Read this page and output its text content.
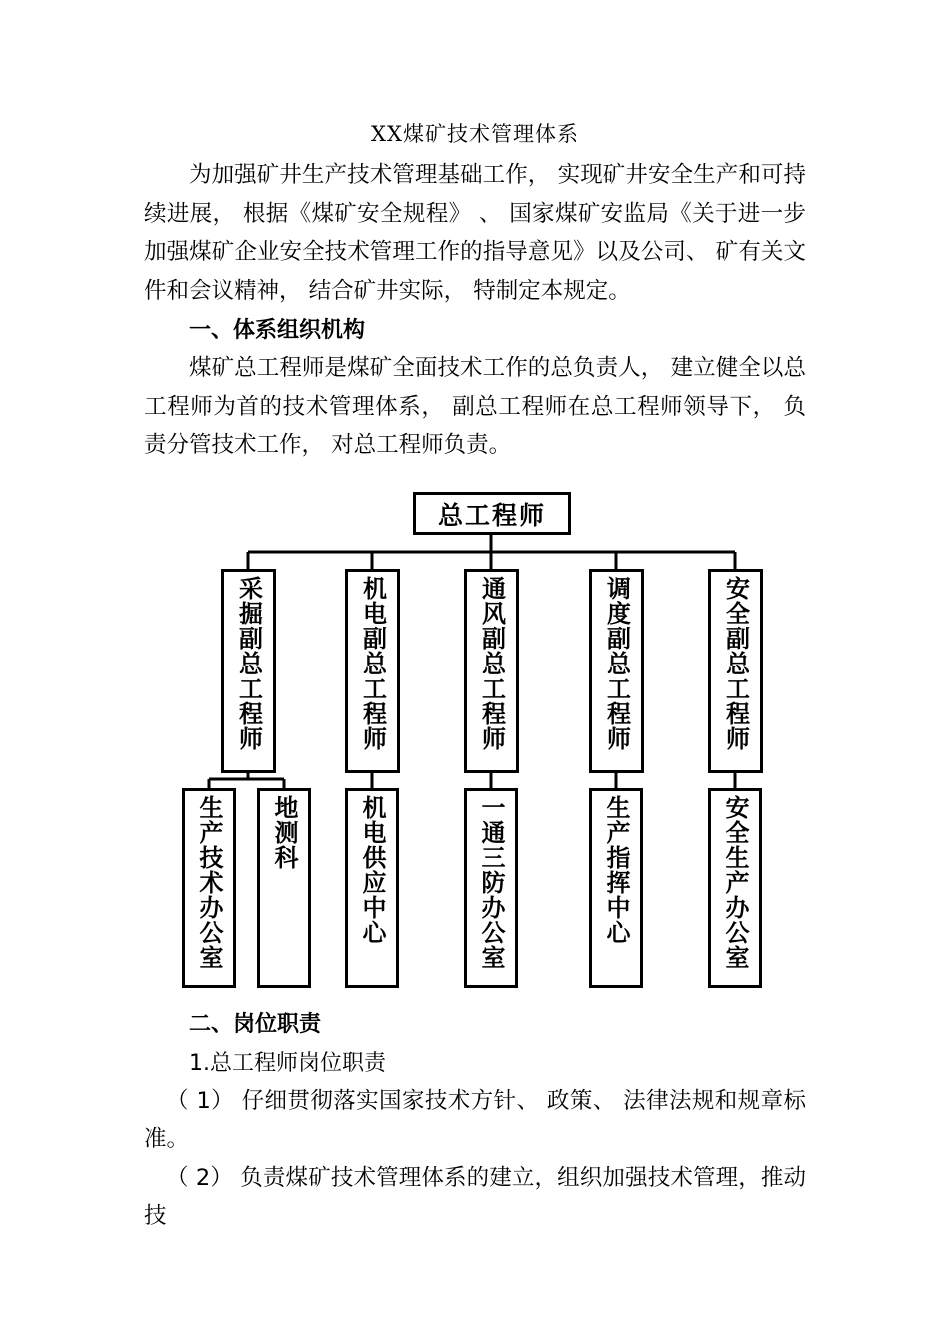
XX煤矿技术管理体系

为加强矿井生产技术管理基础工作， 实现矿井安全生产和可持续进展， 根据《煤矿安全规程》 、 国家煤矿安监局《关于进一步加强煤矿企业安全技术管理工作的指导意见》以及公司、 矿有关文件和会议精神， 结合矿井实际， 特制定本规定。

一、体系组织机构

煤矿总工程师是煤矿全面技术工作的总负责人， 建立健全以总工程师为首的技术管理体系， 副总工程师在总工程师领导下， 负责分管技术工作， 对总工程师负责。

总工程师
采掘副总工程师	机电副总工程师	通风副总工程师	调度副总工程师	安全副总工程师
生产技术办公室 地测科	机电供应中心	一通三防办公室	生产指挥中心	安全生产办公室

二、岗位职责

1.总工程师岗位职责

（ 1） 仔细贯彻落实国家技术方针、 政策、 法律法规和规章标准。

（ 2） 负责煤矿技术管理体系的建立，组织加强技术管理，推动技
